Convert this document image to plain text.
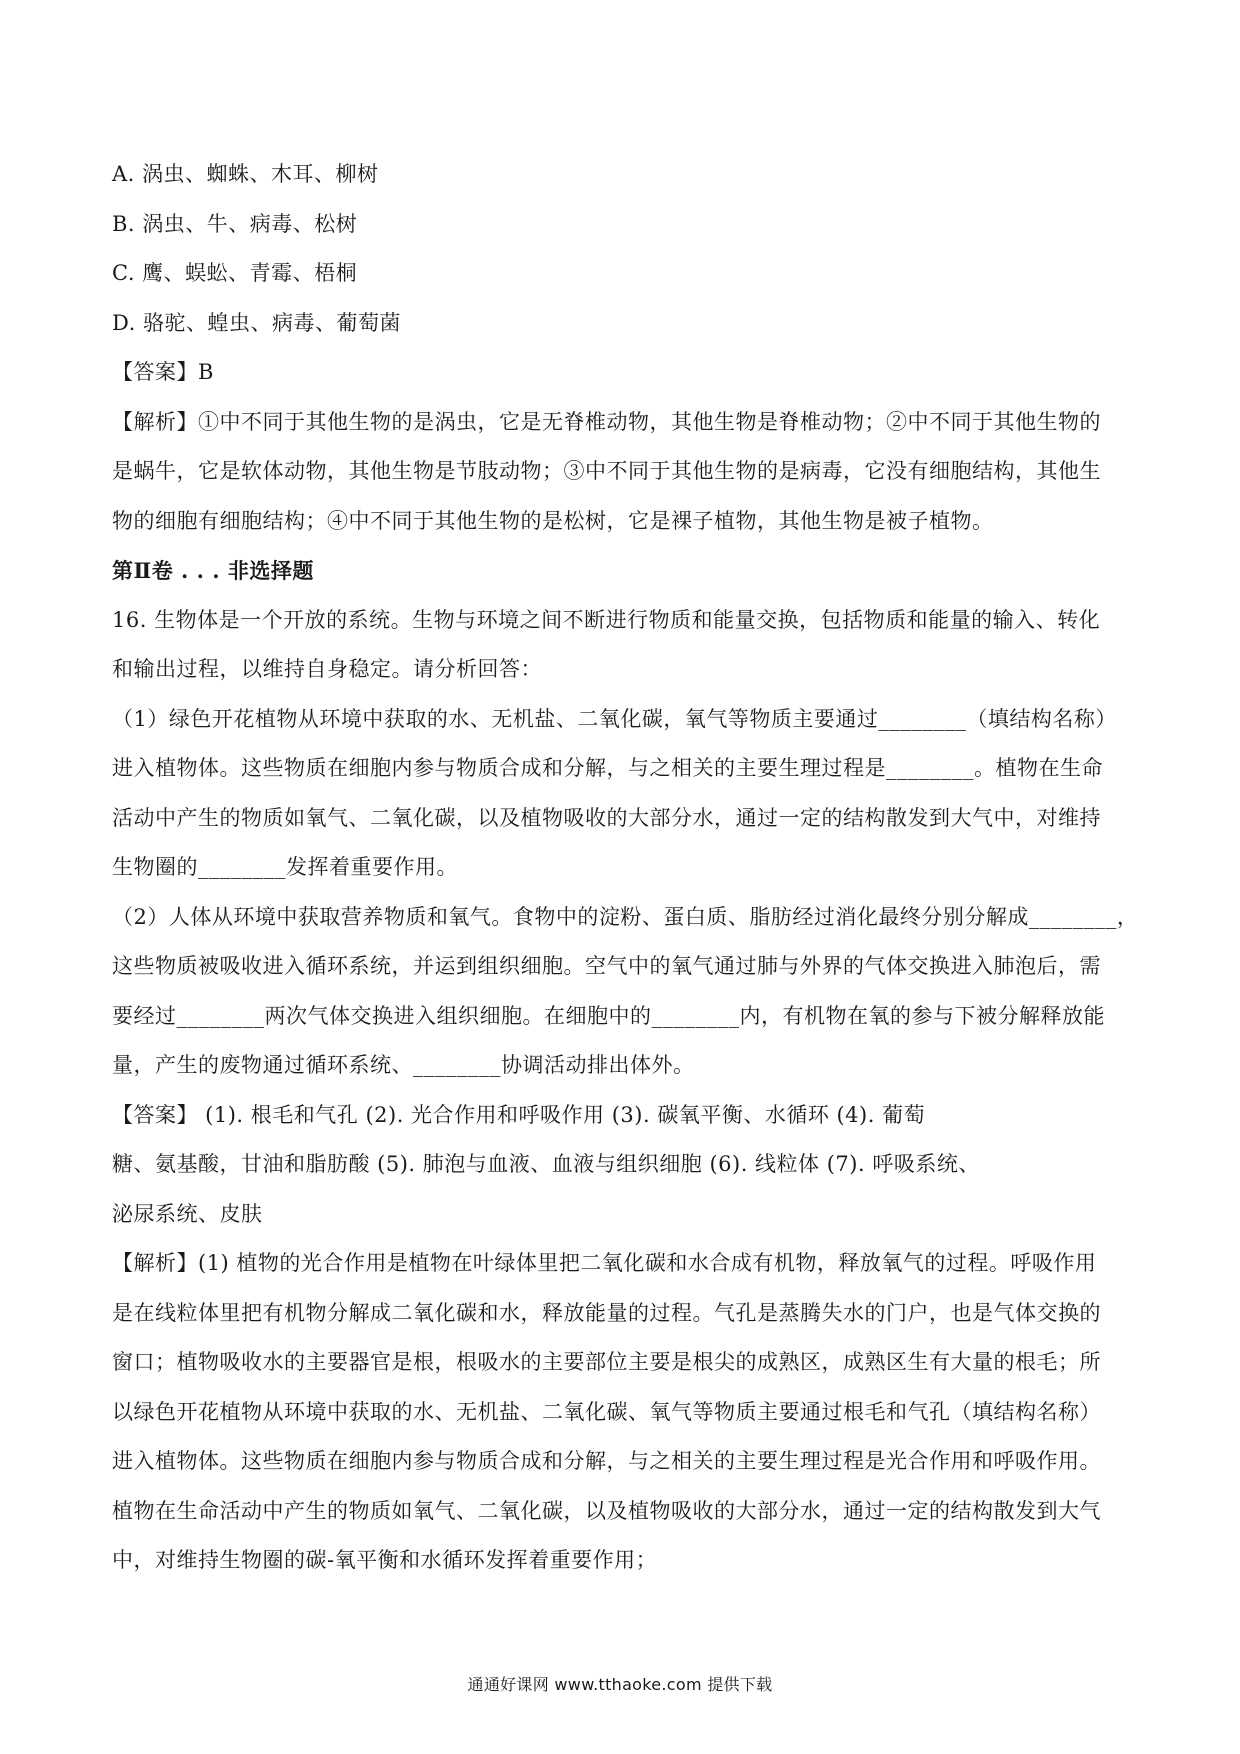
A. 涡虫、蜘蛛、木耳、柳树
B. 涡虫、牛、病毒、松树
C. 鹰、蜈蚣、青霉、梧桐
D. 骆驼、蝗虫、病毒、葡萄菌
【答案】B
【解析】①中不同于其他生物的是涡虫，它是无脊椎动物，其他生物是脊椎动物；②中不同于其他生物的
是蜗牛，它是软体动物，其他生物是节肢动物；③中不同于其他生物的是病毒，它没有细胞结构，其他生
物的细胞有细胞结构；④中不同于其他生物的是松树，它是裸子植物，其他生物是被子植物。
第Ⅱ卷 . . . 非选择题
16. 生物体是一个开放的系统。生物与环境之间不断进行物质和能量交换，包括物质和能量的输入、转化
和输出过程，以维持自身稳定。请分析回答：
（1）绿色开花植物从环境中获取的水、无机盐、二氧化碳，氧气等物质主要通过________（填结构名称）
进入植物体。这些物质在细胞内参与物质合成和分解，与之相关的主要生理过程是________。植物在生命
活动中产生的物质如氧气、二氧化碳，以及植物吸收的大部分水，通过一定的结构散发到大气中，对维持
生物圈的________发挥着重要作用。
（2）人体从环境中获取营养物质和氧气。食物中的淀粉、蛋白质、脂肪经过消化最终分别分解成________，
这些物质被吸收进入循环系统，并运到组织细胞。空气中的氧气通过肺与外界的气体交换进入肺泡后，需
要经过________两次气体交换进入组织细胞。在细胞中的________内，有机物在氧的参与下被分解释放能
量，产生的废物通过循环系统、________协调活动排出体外。
【答案】 (1). 根毛和气孔 (2). 光合作用和呼吸作用 (3). 碳氧平衡、水循环 (4). 葡萄
糖、氨基酸，甘油和脂肪酸 (5). 肺泡与血液、血液与组织细胞 (6). 线粒体 (7). 呼吸系统、
泌尿系统、皮肤
【解析】(1) 植物的光合作用是植物在叶绿体里把二氧化碳和水合成有机物，释放氧气的过程。呼吸作用
是在线粒体里把有机物分解成二氧化碳和水，释放能量的过程。气孔是蒸腾失水的门户，也是气体交换的
窗口；植物吸收水的主要器官是根，根吸水的主要部位主要是根尖的成熟区，成熟区生有大量的根毛；所
以绿色开花植物从环境中获取的水、无机盐、二氧化碳、氧气等物质主要通过根毛和气孔（填结构名称）
进入植物体。这些物质在细胞内参与物质合成和分解，与之相关的主要生理过程是光合作用和呼吸作用。
植物在生命活动中产生的物质如氧气、二氧化碳，以及植物吸收的大部分水，通过一定的结构散发到大气
中，对维持生物圈的碳-氧平衡和水循环发挥着重要作用；
通通好课网 www.tthaoke.com 提供下载
